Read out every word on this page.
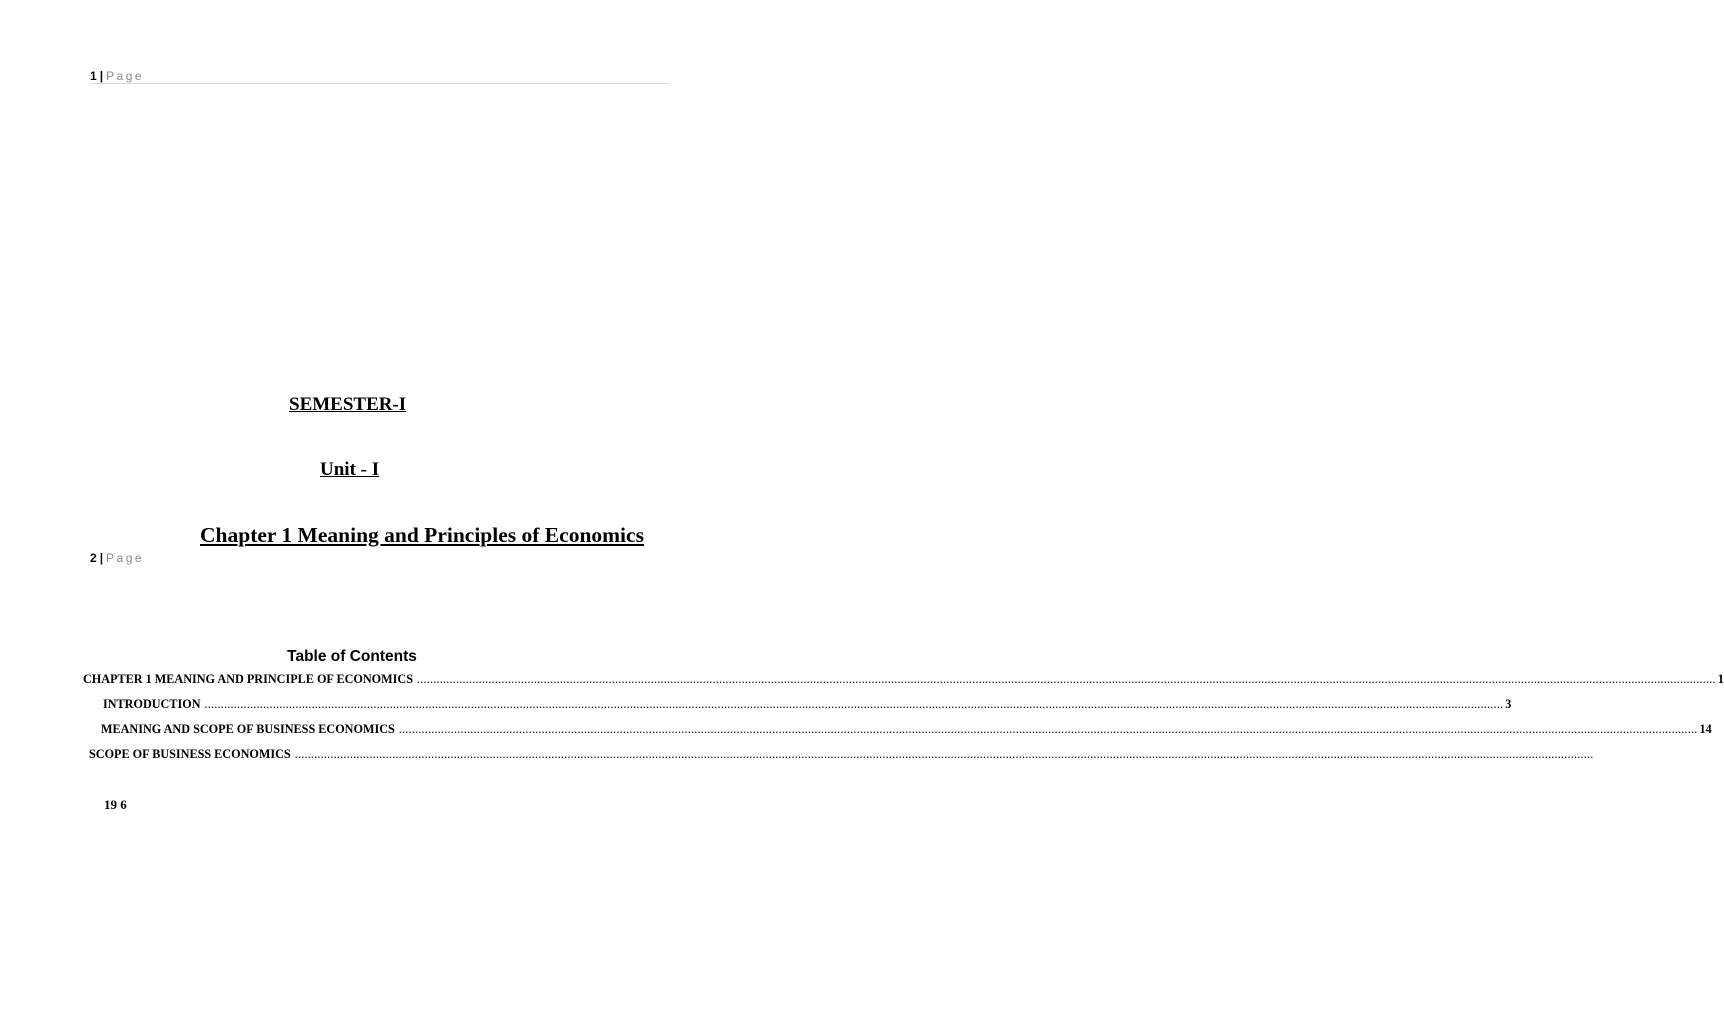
1 | Page
SEMESTER-I
Unit - I
Chapter 1 Meaning and Principles of Economics
2 | Page
Table of Contents
CHAPTER 1 MEANING AND PRINCIPLE OF ECONOMICS ................................................................................................................................................................................................................................................................................................................................................................................................................ 1
INTRODUCTION ................................................................................................................................................................................................................................................................................................................................................................................................................ 3
MEANING AND SCOPE OF BUSINESS ECONOMICS ................................................................................................................................................................................................................................................................................................................................................................................................................ 14
SCOPE OF BUSINESS ECONOMICS ................................................................................................................................................................................................................................................................................................................................................................................................................
19 6
